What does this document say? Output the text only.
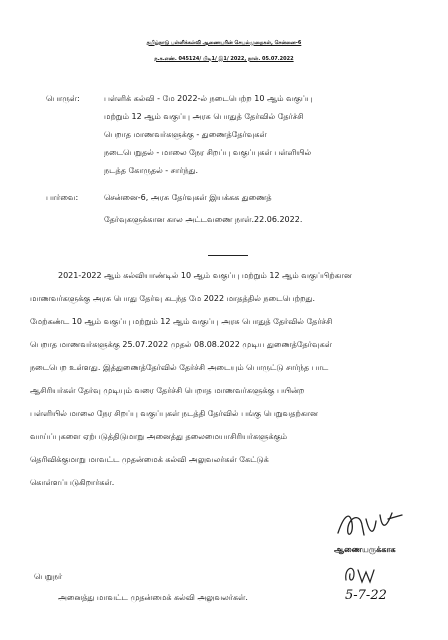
தமிழ்நாடு பள்ளிக்கல்வி ஆணையரின் செயல்முறைகள், சென்னை-6
ந.க.எண். 045124/ பிடி1/ இ1/ 2022, நாள். 05.07.2022
பொருள்:	பள்ளிக் கல்வி - மே 2022-ல் நடைபெற்ற 10 ஆம் வகுப்பு
மற்றும் 12 ஆம் வகுப்பு அரசு பொதுத் தேர்வில் தேர்ச்சி
பெறாத மாணவர்களுக்கு - துணைத்தேர்வுகள்
நடைபெறுதல் - மாலை நேர சிறப்பு வகுப்புகள் பள்ளியில்
நடத்த கோருதல் - சார்ந்து.
பார்வை:	சென்னை-6, அரசு தேர்வுகள் இயக்கக துணைத்
தேர்வுகளுக்கான கால அட்டவணை நாள்.22.06.2022.
2021-2022 ஆம் கல்வியாண்டில் 10 ஆம் வகுப்பு மற்றும் 12 ஆம் வகுப்பிற்கான
மாணவர்களுக்கு அரசு பொது தேர்வு கடந்த மே 2022 மாதத்தில் நடைபெற்றது.
மேற்கண்ட 10 ஆம் வகுப்பு மற்றும் 12 ஆம் வகுப்பு அரசு பொதுத் தேர்வில் தேர்ச்சி
பெறாத மாணவர்களுக்கு 25.07.2022 முதல் 08.08.2022 முடிய துணைத்தேர்வுகள்
நடைபெற உள்ளது. இத்துணைத்தேர்வில் தேர்ச்சி அடையும் பொருட்டு சார்ந்த பாட
ஆசிரியர்கள் தேர்வு முடியும் வரை தேர்ச்சி பெறாத மாணவர்களுக்கு பயின்ற
பள்ளியில் மாலை நேர சிறப்பு வகுப்புகள் நடத்தி தேர்வில் பங்கு பெறுவதற்கான
வாய்ப்புகளை ஏற்படுத்திடுமாறு அனைத்து தலைமையாசிரியர்களுக்கும்
தெரிவிக்குமாறு மாவட்ட முதன்மைக் கல்வி அலுவலர்கள் கேட்டுக்
கொள்ளப்படுகிறார்கள்.
ஆணையருக்காக
பெறுநர்
அனைத்து மாவட்ட முதன்மைக் கல்வி அலுவலர்கள்.	5-7-22
